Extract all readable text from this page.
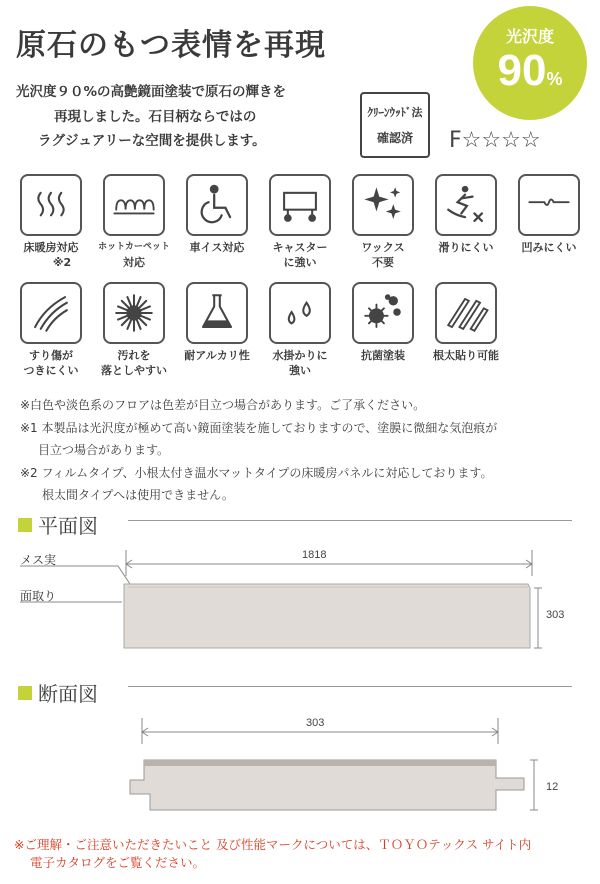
原石のもつ表情を再現	光沢度
90%
光沢度９０%の高艶鏡面塗装で原石の輝きを
再現しました。石目柄ならではの
ラグジュアリーな空間を提供します。
ｸﾘｰﾝｳｯﾄﾞ法
確認済	F☆☆☆☆
床暖房対応
※2
ホットカーペット
対応
車イス対応	キャスター
に強い
ワックス
不要
滑りにくい	凹みにくい
すり傷が
つきにくい
汚れを
落としやすい
耐アルカリ性	水掛かりに
強い
抗菌塗装	根太貼り可能
※白色や淡色系のフロアは色差が目立つ場合があります。ご了承ください。
※1 本製品は光沢度が極めて高い鏡面塗装を施しておりますので、塗膜に微細な気泡痕が
目立つ場合があります。
※2 フィルムタイプ、小根太付き温水マットタイプの床暖房パネルに対応しております。
根太間タイプへは使用できません。
平面図
メス実
面取り
1818
303
断面図
303
12
※ご理解・ご注意いただきたいこと 及び性能マークについては、ＴＯＹＯテックス サイト内
電子カタログをご覧ください。
